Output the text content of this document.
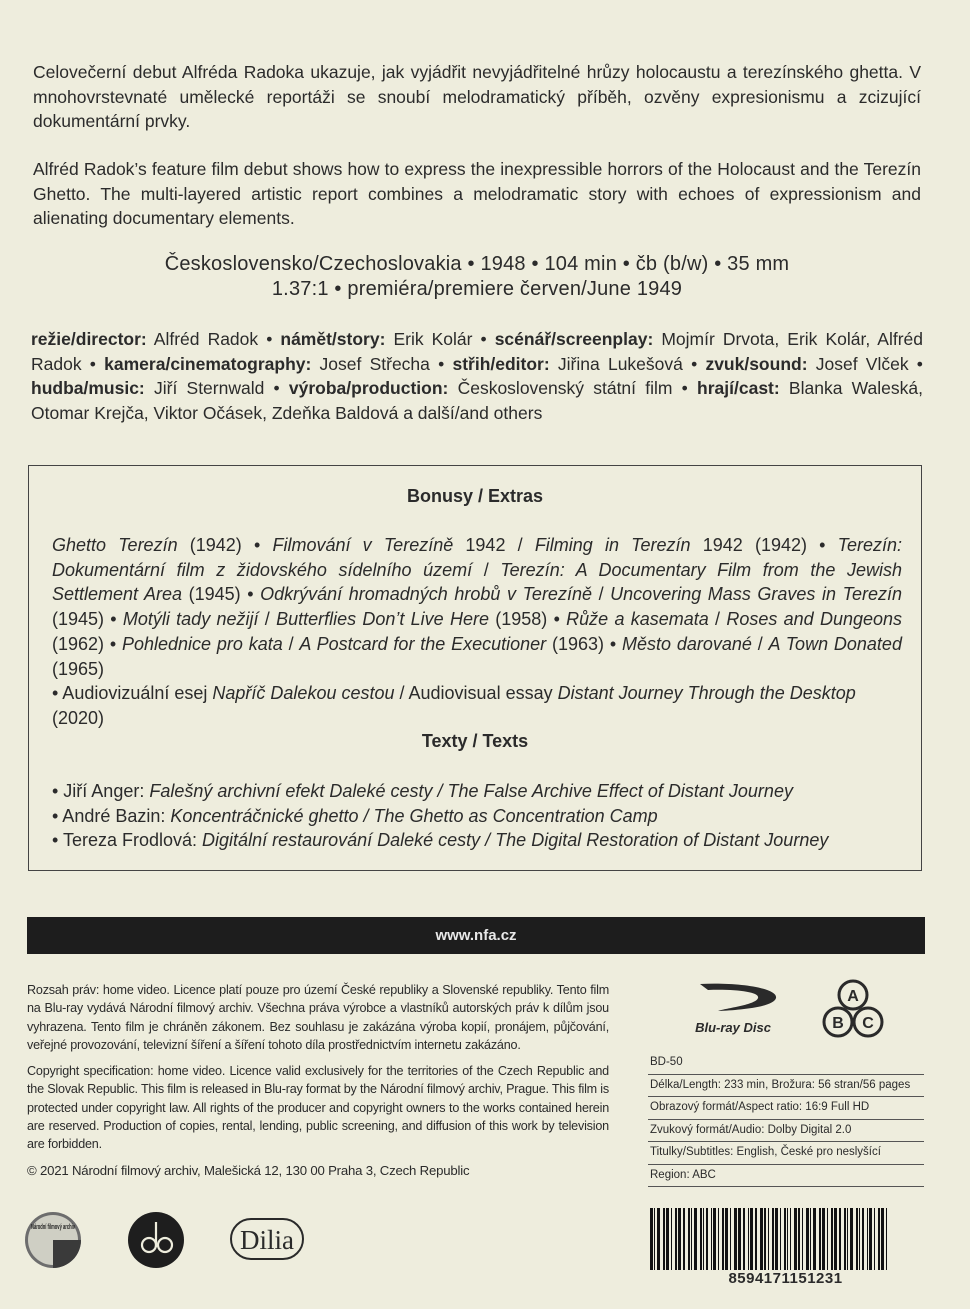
Celovečerní debut Alfréda Radoka ukazuje, jak vyjádřit nevyjádřitelné hrůzy holocaustu a terezínského ghetta. V mnohovrstevnaté umělecké reportáži se snoubí melodramatický příběh, ozvěny expresionismu a zcizující dokumentární prvky.

Alfréd Radok’s feature film debut shows how to express the inexpressible horrors of the Holocaust and the Terezín Ghetto. The multi-layered artistic report combines a melodramatic story with echoes of expressionism and alienating documentary elements.

Československo/Czechoslovakia • 1948 • 104 min • čb (b/w) • 35 mm
1.37:1 • premiéra/premiere červen/June 1949
režie/director: Alfréd Radok • námět/story: Erik Kolár • scénář/screenplay: Mojmír Drvota, Erik Kolár, Alfréd Radok • kamera/cinematography: Josef Střecha • střih/editor: Jiřina Lukešová • zvuk/sound: Josef Vlček • hudba/music: Jiří Sternwald • výroba/production: Československý státní film • hrají/cast: Blanka Waleská, Otomar Krejča, Viktor Očásek, Zdeňka Baldová a další/and others
Bonusy / Extras
Ghetto Terezín (1942) • Filmování v Terezíně 1942 / Filming in Terezín 1942 (1942) • Terezín: Dokumentární film z židovského sídelního území / Terezín: A Documentary Film from the Jewish Settlement Area (1945) • Odkrývání hromadných hrobů v Terezíně / Uncovering Mass Graves in Terezín (1945) • Motýli tady nežijí / Butterflies Don’t Live Here (1958) • Růže a kasemata / Roses and Dungeons (1962) • Pohlednice pro kata / A Postcard for the Executioner (1963) • Město darované / A Town Donated (1965)
• Audiovizuální esej Napříč Dalekou cestou / Audiovisual essay Distant Journey Through the Desktop (2020)
Texty / Texts
• Jiří Anger: Falešný archivní efekt Daleké cesty / The False Archive Effect of Distant Journey
• André Bazin: Koncentráčnické ghetto / The Ghetto as Concentration Camp
• Tereza Frodlová: Digitální restaurování Daleké cesty / The Digital Restoration of Distant Journey
www.nfa.cz
Rozsah práv: home video. Licence platí pouze pro území České republiky a Slovenské republiky. Tento film na Blu-ray vydává Národní filmový archiv. Všechna práva výrobce a vlastníků autorských práv k dílům jsou vyhrazena. Tento film je chráněn zákonem. Bez souhlasu je zakázána výroba kopií, pronájem, půjčování, veřejné provozování, televizní šíření a šíření tohoto díla prostřednictvím internetu zakázáno.
Copyright specification: home video. Licence valid exclusively for the territories of the Czech Republic and the Slovak Republic. This film is released in Blu-ray format by the Národní filmový archiv, Prague. This film is protected under copyright law. All rights of the producer and copyright owners to the works contained herein are reserved. Production of copies, rental, lending, public screening, and diffusion of this work by television are forbidden.
© 2021 Národní filmový archiv, Malešická 12, 130 00 Praha 3, Czech Republic
Národní filmový archiv	Dilia
Blu-ray Disc
A
B C
BD-50
Délka/Length: 233 min, Brožura: 56 stran/56 pages
Obrazový formát/Aspect ratio: 16:9 Full HD
Zvukový formát/Audio: Dolby Digital 2.0
Titulky/Subtitles: English, České pro neslyšící
Region: ABC
8594171151231
